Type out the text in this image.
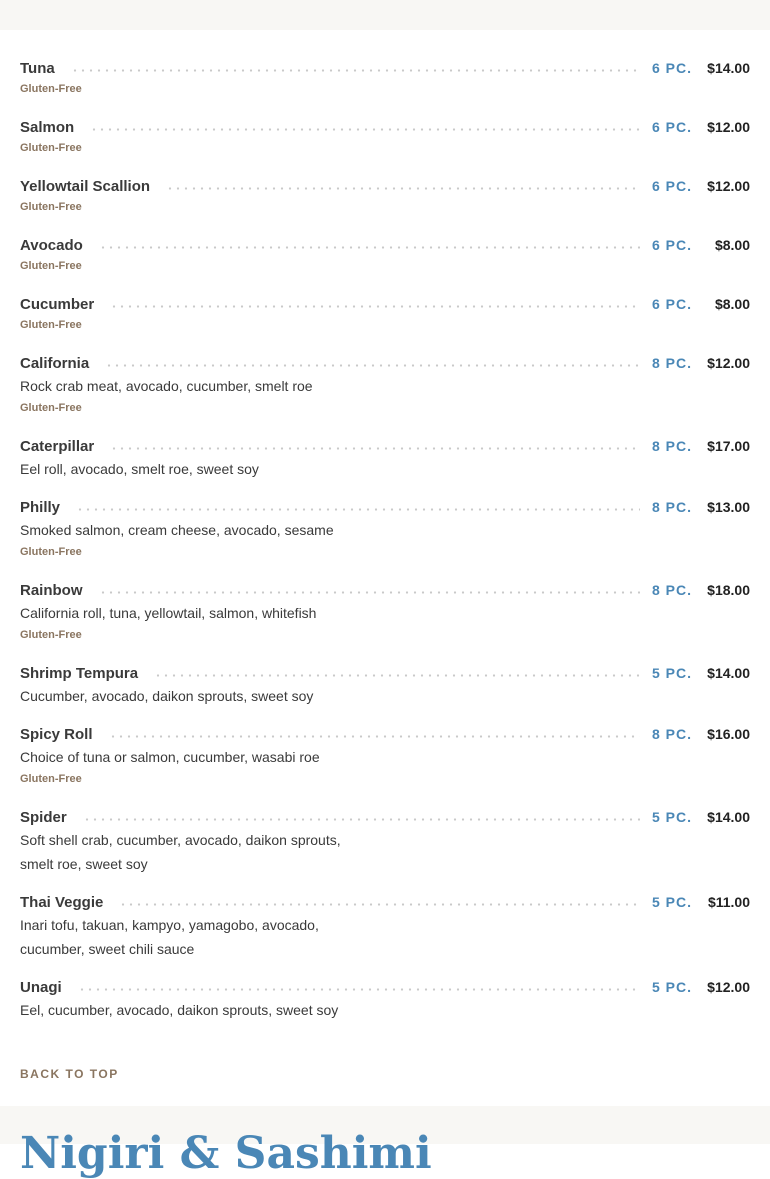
Tuna	6 PC.	$14.00
Gluten-Free
Salmon	6 PC.	$12.00
Gluten-Free
Yellowtail Scallion	6 PC.	$12.00
Gluten-Free
Avocado	6 PC.	$8.00
Gluten-Free
Cucumber	6 PC.	$8.00
Gluten-Free
California	8 PC.	$12.00
Rock crab meat, avocado, cucumber, smelt roe
Gluten-Free
Caterpillar	8 PC.	$17.00
Eel roll, avocado, smelt roe, sweet soy
Philly	8 PC.	$13.00
Smoked salmon, cream cheese, avocado, sesame
Gluten-Free
Rainbow	8 PC.	$18.00
California roll, tuna, yellowtail, salmon, whitefish
Gluten-Free
Shrimp Tempura	5 PC.	$14.00
Cucumber, avocado, daikon sprouts, sweet soy
Spicy Roll	8 PC.	$16.00
Choice of tuna or salmon, cucumber, wasabi roe
Gluten-Free
Spider	5 PC.	$14.00
Soft shell crab, cucumber, avocado, daikon sprouts, smelt roe, sweet soy
Thai Veggie	5 PC.	$11.00
Inari tofu, takuan, kampyo, yamagobo, avocado, cucumber, sweet chili sauce
Unagi	5 PC.	$12.00
Eel, cucumber, avocado, daikon sprouts, sweet soy
BACK TO TOP
Nigiri & Sashimi
